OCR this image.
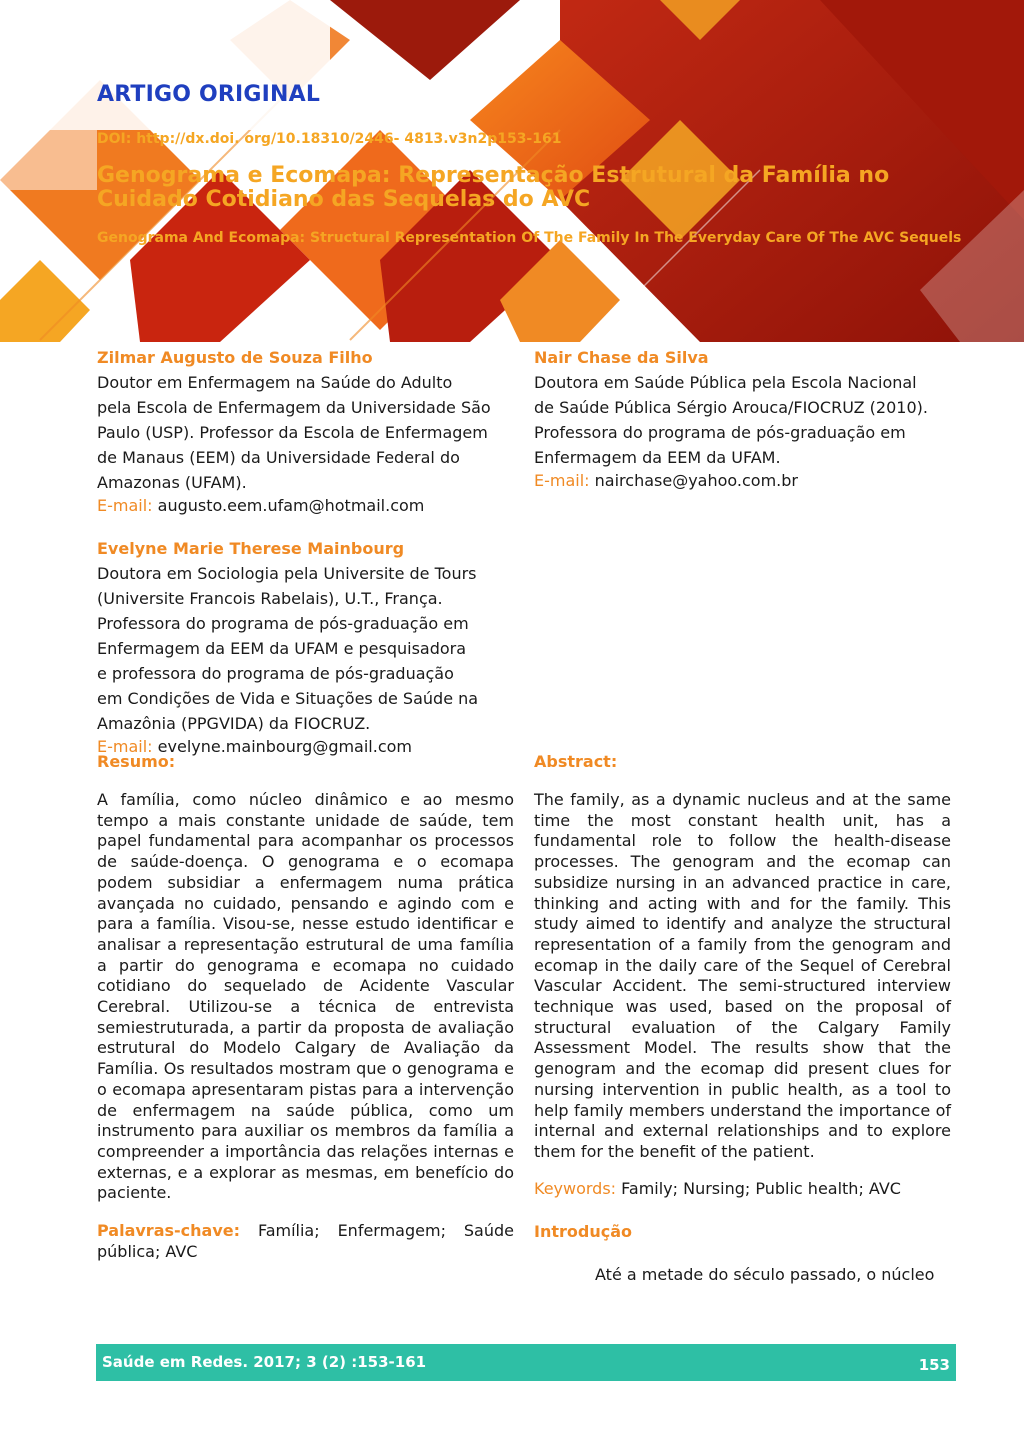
ARTIGO ORIGINAL
DOI: http://dx.doi. org/10.18310/2446- 4813.v3n2p153-161
Genograma e Ecomapa: Representação Estrutural da Família no Cuidado Cotidiano das Sequelas do AVC
Genograma And Ecomapa: Structural Representation Of The Family In The Everyday Care Of The AVC Sequels
Zilmar Augusto de Souza Filho
Doutor em Enfermagem na Saúde do Adulto
pela Escola de Enfermagem da Universidade São
Paulo (USP). Professor da Escola de Enfermagem
de Manaus (EEM) da Universidade Federal do
Amazonas (UFAM).
E-mail: augusto.eem.ufam@hotmail.com
Nair Chase da Silva
Doutora em Saúde Pública pela Escola Nacional
de Saúde Pública Sérgio Arouca/FIOCRUZ (2010).
Professora do programa de pós-graduação em
Enfermagem da EEM da UFAM.
E-mail: nairchase@yahoo.com.br
Evelyne Marie Therese Mainbourg
Doutora em Sociologia pela Universite de Tours
(Universite Francois Rabelais), U.T., França.
Professora do programa de pós-graduação em
Enfermagem da EEM da UFAM e pesquisadora
e professora do programa de pós-graduação
em Condições de Vida e Situações de Saúde na
Amazônia (PPGVIDA) da FIOCRUZ.
E-mail: evelyne.mainbourg@gmail.com
Resumo:
A família, como núcleo dinâmico e ao mesmo tempo a mais constante unidade de saúde, tem papel fundamental para acompanhar os processos de saúde-doença. O genograma e o ecomapa podem subsidiar a enfermagem numa prática avançada no cuidado, pensando e agindo com e para a família. Visou-se, nesse estudo identificar e analisar a representação estrutural de uma família a partir do genograma e ecomapa no cuidado cotidiano do sequelado de Acidente Vascular Cerebral. Utilizou-se a técnica de entrevista semiestruturada, a partir da proposta de avaliação estrutural do Modelo Calgary de Avaliação da Família. Os resultados mostram que o genograma e o ecomapa apresentaram pistas para a intervenção de enfermagem na saúde pública, como um instrumento para auxiliar os membros da família a compreender a importância das relações internas e externas, e a explorar as mesmas, em benefício do paciente.
Palavras-chave: Família; Enfermagem; Saúde pública; AVC
Abstract:
The family, as a dynamic nucleus and at the same time the most constant health unit, has a fundamental role to follow the health-disease processes. The genogram and the ecomap can subsidize nursing in an advanced practice in care, thinking and acting with and for the family. This study aimed to identify and analyze the structural representation of a family from the genogram and ecomap in the daily care of the Sequel of Cerebral Vascular Accident. The semi-structured interview technique was used, based on the proposal of structural evaluation of the Calgary Family Assessment Model. The results show that the genogram and the ecomap did present clues for nursing intervention in public health, as a tool to help family members understand the importance of internal and external relationships and to explore them for the benefit of the patient.
Keywords: Family; Nursing; Public health; AVC
Introdução
Até a metade do século passado, o núcleo
Saúde em Redes. 2017; 3 (2) :153-161	153
